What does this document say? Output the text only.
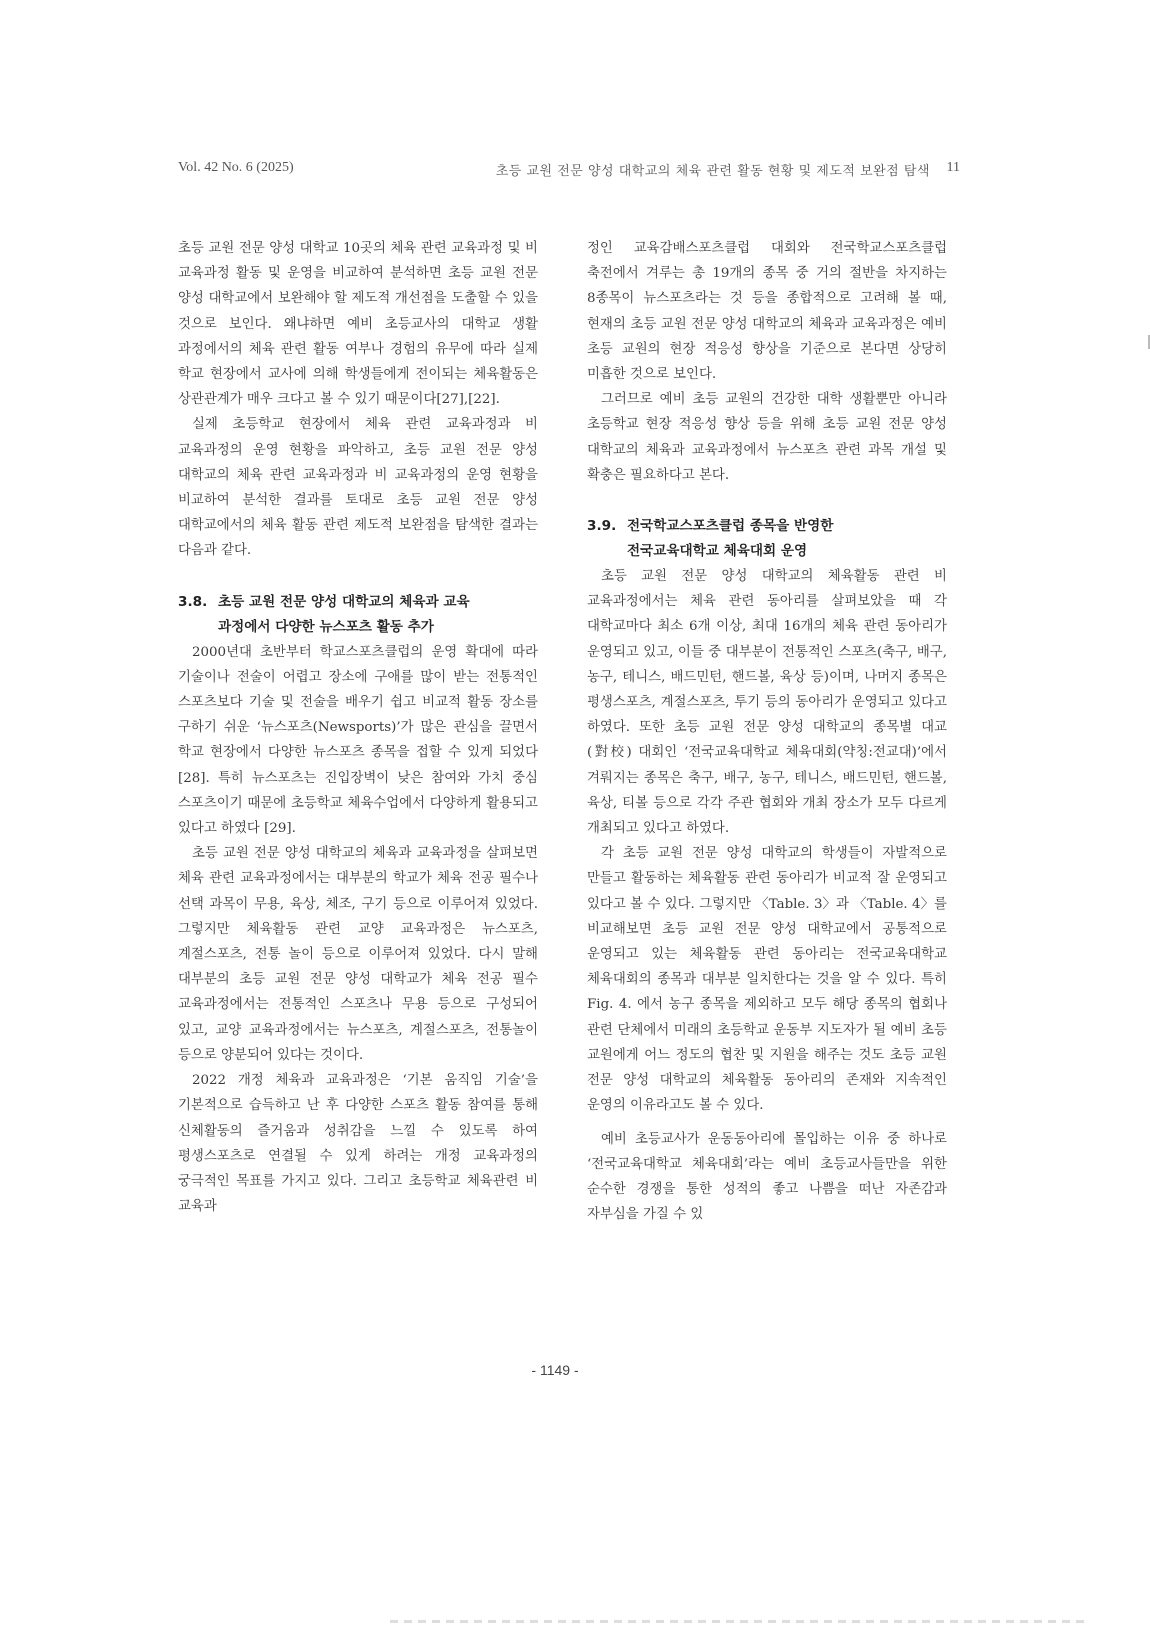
Vol. 42 No. 6 (2025)	초등 교원 전문 양성 대학교의 체육 관련 활동 현황 및 제도적 보완점 탐색 11

초등 교원 전문 양성 대학교 10곳의 체육 관련 교육과정 및 비 교육과정 활동 및 운영을 비교하여 분석하면 초등 교원 전문 양성 대학교에서 보완해야 할 제도적 개선점을 도출할 수 있을 것으로 보인다. 왜냐하면 예비 초등교사의 대학교 생활 과정에서의 체육 관련 활동 여부나 경험의 유무에 따라 실제 학교 현장에서 교사에 의해 학생들에게 전이되는 체육활동은 상관관계가 매우 크다고 볼 수 있기 때문이다[27],[22].

실제 초등학교 현장에서 체육 관련 교육과정과 비 교육과정의 운영 현황을 파악하고, 초등 교원 전문 양성 대학교의 체육 관련 교육과정과 비 교육과정의 운영 현황을 비교하여 분석한 결과를 토대로 초등 교원 전문 양성 대학교에서의 체육 활동 관련 제도적 보완점을 탐색한 결과는 다음과 같다.

3.8. 초등 교원 전문 양성 대학교의 체육과 교육
과정에서 다양한 뉴스포츠 활동 추가

2000년대 초반부터 학교스포츠클럽의 운영 확대에 따라 기술이나 전술이 어렵고 장소에 구애를 많이 받는 전통적인 스포츠보다 기술 및 전술을 배우기 쉽고 비교적 활동 장소를 구하기 쉬운 ‘뉴스포츠(Newsports)’가 많은 관심을 끌면서 학교 현장에서 다양한 뉴스포츠 종목을 접할 수 있게 되었다[28]. 특히 뉴스포츠는 진입장벽이 낮은 참여와 가치 중심 스포츠이기 때문에 초등학교 체육수업에서 다양하게 활용되고 있다고 하였다 [29].

초등 교원 전문 양성 대학교의 체육과 교육과정을 살펴보면 체육 관련 교육과정에서는 대부분의 학교가 체육 전공 필수나 선택 과목이 무용, 육상, 체조, 구기 등으로 이루어져 있었다. 그렇지만 체육활동 관련 교양 교육과정은 뉴스포츠, 계절스포츠, 전통 놀이 등으로 이루어져 있었다. 다시 말해 대부분의 초등 교원 전문 양성 대학교가 체육 전공 필수 교육과정에서는 전통적인 스포츠나 무용 등으로 구성되어 있고, 교양 교육과정에서는 뉴스포츠, 계절스포츠, 전통놀이 등으로 양분되어 있다는 것이다.

2022 개정 체육과 교육과정은 ‘기본 움직임 기술’을 기본적으로 습득하고 난 후 다양한 스포츠 활동 참여를 통해 신체활동의 즐거움과 성취감을 느낄 수 있도록 하여 평생스포츠로 연결될 수 있게 하려는 개정 교육과정의 궁극적인 목표를 가지고 있다. 그리고 초등학교 체육관련 비 교육과

정인 교육감배스포츠클럽 대회와 전국학교스포츠클럽 축전에서 겨루는 총 19개의 종목 중 거의 절반을 차지하는 8종목이 뉴스포츠라는 것 등을 종합적으로 고려해 볼 때, 현재의 초등 교원 전문 양성 대학교의 체육과 교육과정은 예비 초등 교원의 현장 적응성 향상을 기준으로 본다면 상당히 미흡한 것으로 보인다.

그러므로 예비 초등 교원의 건강한 대학 생활뿐만 아니라 초등학교 현장 적응성 향상 등을 위해 초등 교원 전문 양성 대학교의 체육과 교육과정에서 뉴스포츠 관련 과목 개설 및 확충은 필요하다고 본다.

3.9. 전국학교스포츠클럽 종목을 반영한
전국교육대학교 체육대회 운영

초등 교원 전문 양성 대학교의 체육활동 관련 비 교육과정에서는 체육 관련 동아리를 살펴보았을 때 각 대학교마다 최소 6개 이상, 최대 16개의 체육 관련 동아리가 운영되고 있고, 이들 중 대부분이 전통적인 스포츠(축구, 배구, 농구, 테니스, 배드민턴, 핸드볼, 육상 등)이며, 나머지 종목은 평생스포츠, 계절스포츠, 투기 등의 동아리가 운영되고 있다고 하였다. 또한 초등 교원 전문 양성 대학교의 종목별 대교(對校) 대회인 ‘전국교육대학교 체육대회(약칭:전교대)’에서 겨뤄지는 종목은 축구, 배구, 농구, 테니스, 배드민턴, 핸드볼, 육상, 티볼 등으로 각각 주관 협회와 개최 장소가 모두 다르게 개최되고 있다고 하였다.

각 초등 교원 전문 양성 대학교의 학생들이 자발적으로 만들고 활동하는 체육활동 관련 동아리가 비교적 잘 운영되고 있다고 볼 수 있다. 그렇지만 〈Table. 3〉과 〈Table. 4〉를 비교해보면 초등 교원 전문 양성 대학교에서 공통적으로 운영되고 있는 체육활동 관련 동아리는 전국교육대학교 체육대회의 종목과 대부분 일치한다는 것을 알 수 있다. 특히 Fig. 4. 에서 농구 종목을 제외하고 모두 해당 종목의 협회나 관련 단체에서 미래의 초등학교 운동부 지도자가 될 예비 초등 교원에게 어느 정도의 협찬 및 지원을 해주는 것도 초등 교원 전문 양성 대학교의 체육활동 동아리의 존재와 지속적인 운영의 이유라고도 볼 수 있다.

예비 초등교사가 운동동아리에 몰입하는 이유 중 하나로 ‘전국교육대학교 체육대회’라는 예비 초등교사들만을 위한 순수한 경쟁을 통한 성적의 좋고 나쁨을 떠난 자존감과 자부심을 가질 수 있

- 1149 -
